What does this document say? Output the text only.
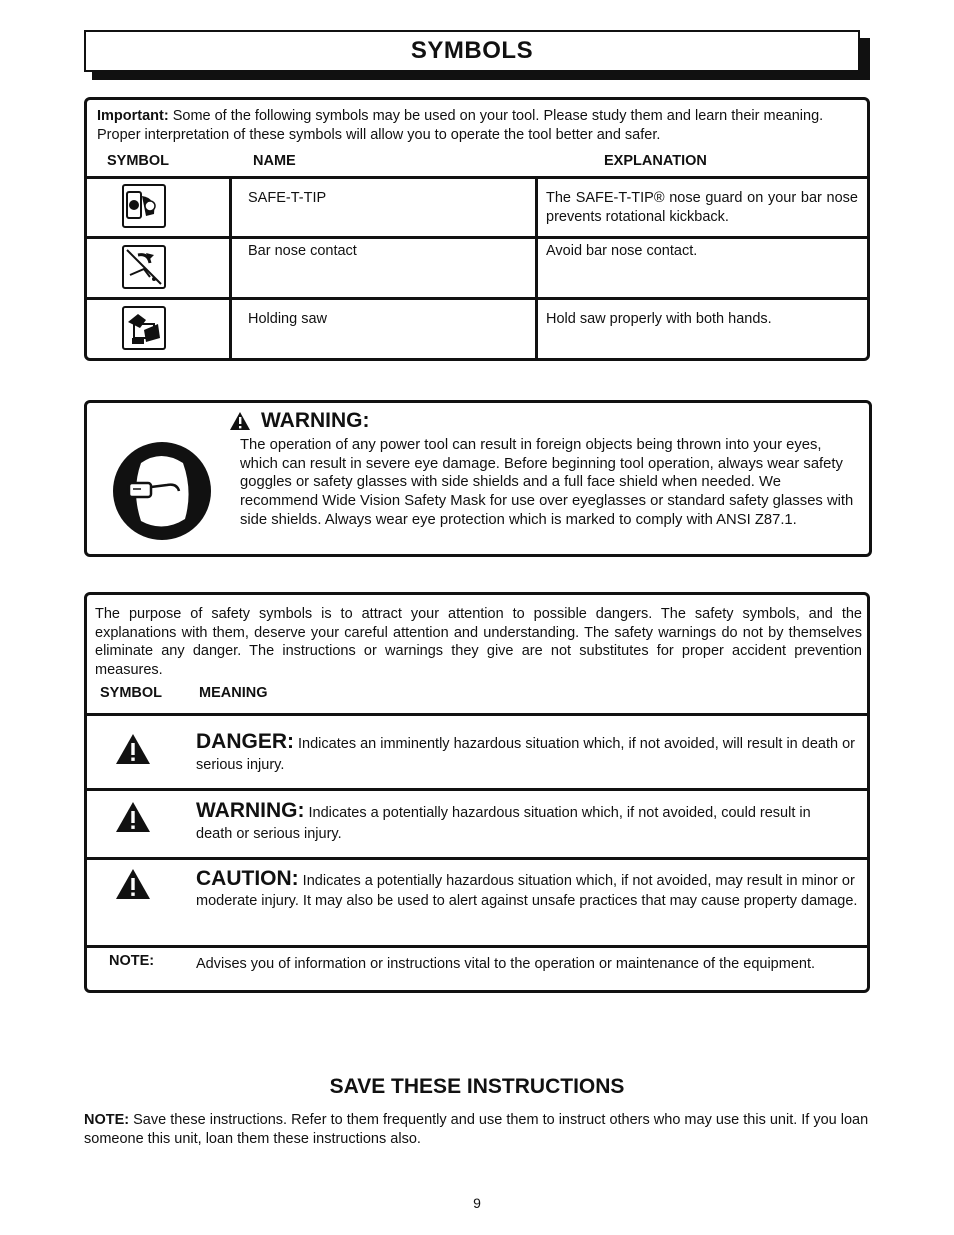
SYMBOLS
Important: Some of the following symbols may be used on your tool. Please study them and learn their meaning. Proper interpretation of these symbols will allow you to operate the tool better and safer.
SYMBOL	NAME	EXPLANATION
SAFE-T-TIP	The SAFE-T-TIP® nose guard on your bar nose prevents rotational kickback.
Bar nose contact	Avoid bar nose contact.
Holding saw	Hold saw properly with both hands.
WARNING:
The operation of any power tool can result in foreign objects being thrown into your eyes, which can result in severe eye damage. Before beginning tool operation, always wear safety goggles or safety glasses with side shields and a full face shield when needed. We recommend Wide Vision Safety Mask for use over eyeglasses or standard safety glasses with side shields. Always wear eye protection which is marked to comply with ANSI Z87.1.
The purpose of safety symbols is to attract your attention to possible dangers. The safety symbols, and the explanations with them, deserve your careful attention and understanding. The safety warnings do not by themselves eliminate any danger. The instructions or warnings they give are not substitutes for proper accident prevention measures.
SYMBOL	MEANING
DANGER: Indicates an imminently hazardous situation which, if not avoided, will result in death or serious injury.
WARNING: Indicates a potentially hazardous situation which, if not avoided, could result in death or serious injury.
CAUTION: Indicates a potentially hazardous situation which, if not avoided, may result in minor or moderate injury. It may also be used to alert against unsafe practices that may cause property damage.
NOTE:	Advises you of information or instructions vital to the operation or maintenance of the equipment.
SAVE THESE INSTRUCTIONS
NOTE: Save these instructions. Refer to them frequently and use them to instruct others who may use this unit. If you loan someone this unit, loan them these instructions also.
9
